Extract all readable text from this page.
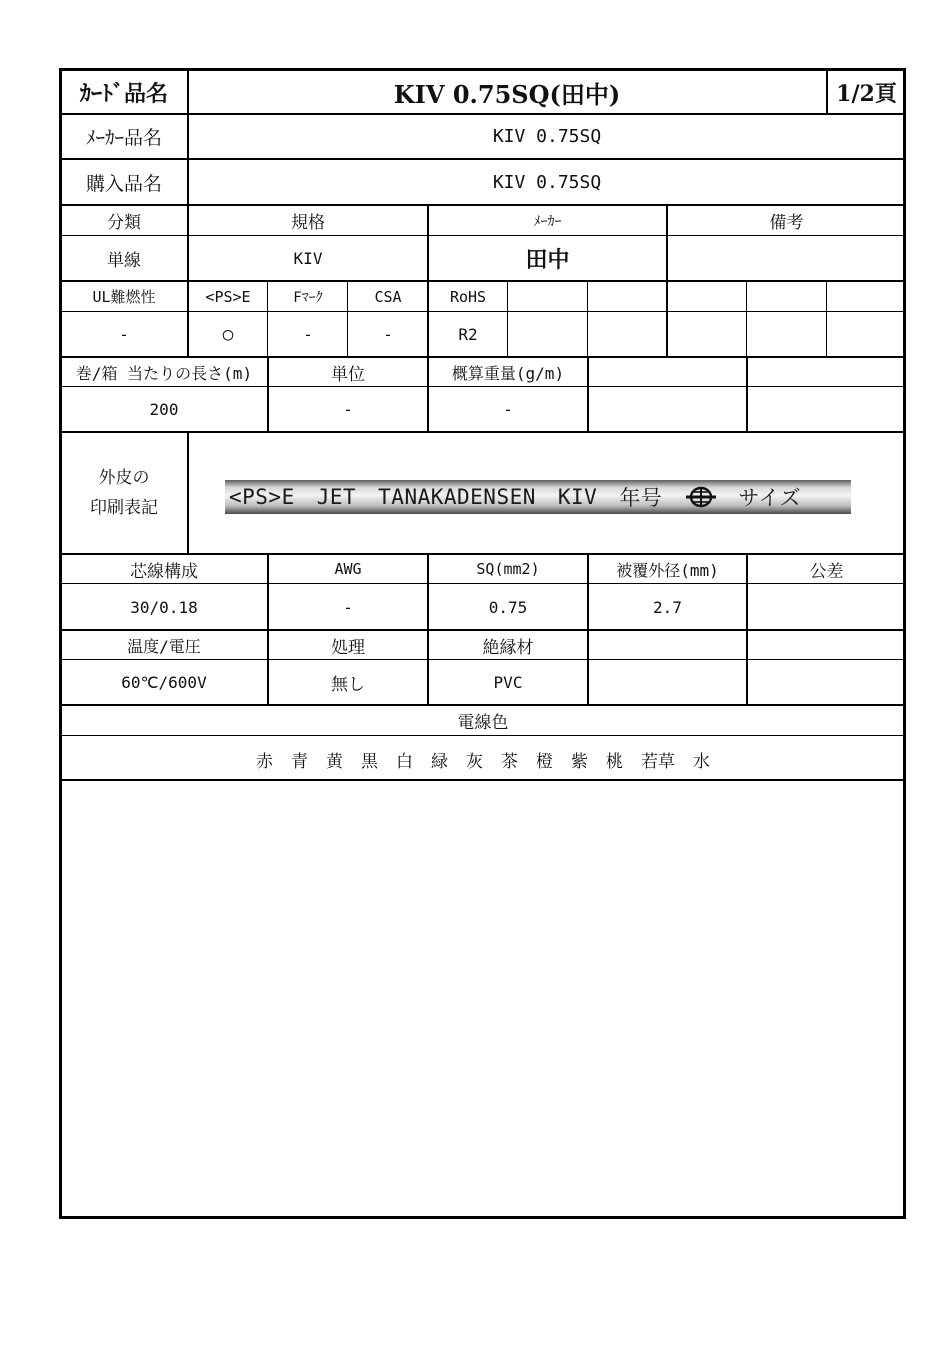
ｶｰﾄﾞ品名	KIV 0.75SQ(田中)	1/2頁
ﾒｰｶｰ品名	KIV 0.75SQ
購入品名	KIV 0.75SQ
分類	規格	ﾒｰｶｰ	備考
単線	KIV	田中
UL難燃性	<PS>E	Fﾏｰｸ	CSA	RoHS
-	○	-	-	R2
巻/箱 当たりの長さ(m)	単位	概算重量(g/m)
200	-	-
外皮の
印刷表記	<PS>E JET TANAKADENSEN KIV 年号	サイズ
芯線構成	AWG	SQ(mm2)	被覆外径(mm)	公差
30/0.18	-	0.75	2.7
温度/電圧	処理	絶縁材
60℃/600V	無し	PVC
電線色
赤 青 黄 黒 白 緑 灰 茶 橙 紫 桃 若草 水
